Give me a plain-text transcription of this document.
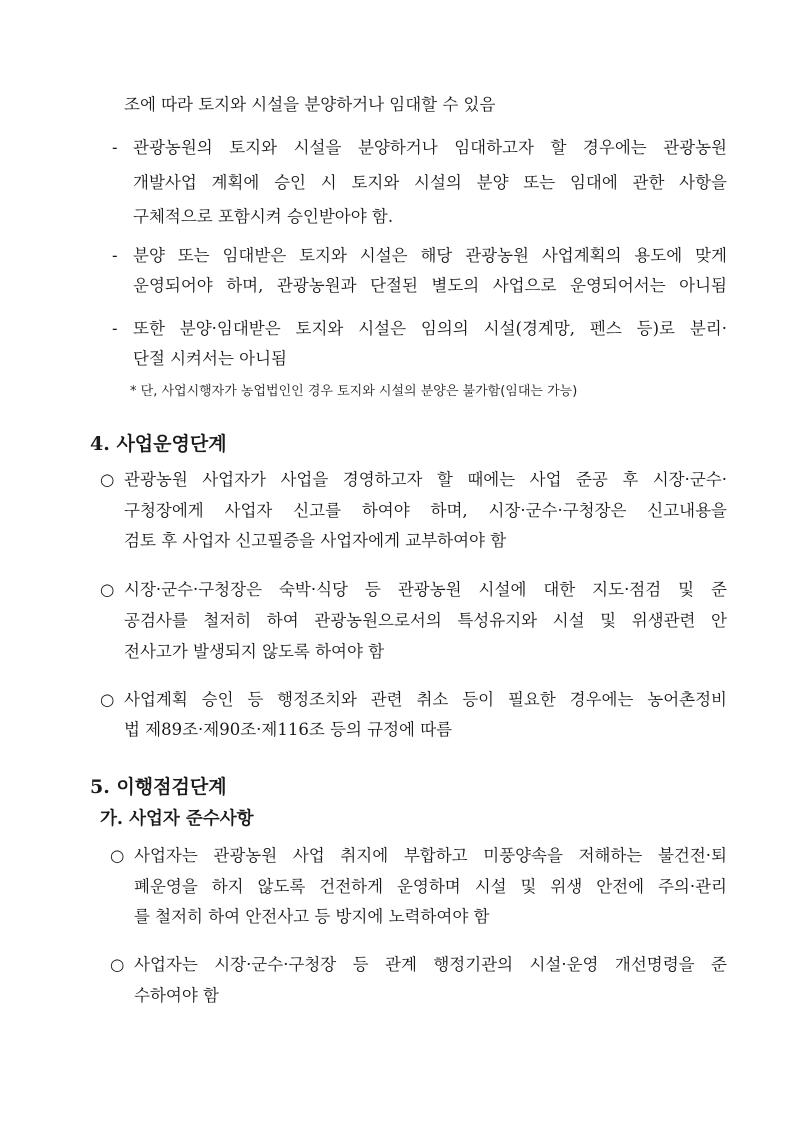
조에 따라 토지와 시설을 분양하거나 임대할 수 있음
- 관광농원의 토지와 시설을 분양하거나 임대하고자 할 경우에는 관광농원
개발사업 계획에 승인 시 토지와 시설의 분양 또는 임대에 관한 사항을
구체적으로 포함시켜 승인받아야 함.
- 분양 또는 임대받은 토지와 시설은 해당 관광농원 사업계획의 용도에 맞게
운영되어야 하며, 관광농원과 단절된 별도의 사업으로 운영되어서는 아니됨
- 또한 분양·임대받은 토지와 시설은 임의의 시설(경계망, 펜스 등)로 분리·
단절 시켜서는 아니됨
* 단, 사업시행자가 농업법인인 경우 토지와 시설의 분양은 불가함(임대는 가능)
4. 사업운영단계
○ 관광농원 사업자가 사업을 경영하고자 할 때에는 사업 준공 후 시장·군수·
구청장에게 사업자 신고를 하여야 하며, 시장·군수·구청장은 신고내용을
검토 후 사업자 신고필증을 사업자에게 교부하여야 함
○ 시장·군수·구청장은 숙박·식당 등 관광농원 시설에 대한 지도·점검 및 준
공검사를 철저히 하여 관광농원으로서의 특성유지와 시설 및 위생관련 안
전사고가 발생되지 않도록 하여야 함
○ 사업계획 승인 등 행정조치와 관련 취소 등이 필요한 경우에는 농어촌정비
법 제89조·제90조·제116조 등의 규정에 따름
5. 이행점검단계
가. 사업자 준수사항
○ 사업자는 관광농원 사업 취지에 부합하고 미풍양속을 저해하는 불건전·퇴
폐운영을 하지 않도록 건전하게 운영하며 시설 및 위생 안전에 주의·관리
를 철저히 하여 안전사고 등 방지에 노력하여야 함
○ 사업자는 시장·군수·구청장 등 관계 행정기관의 시설·운영 개선명령을 준
수하여야 함
